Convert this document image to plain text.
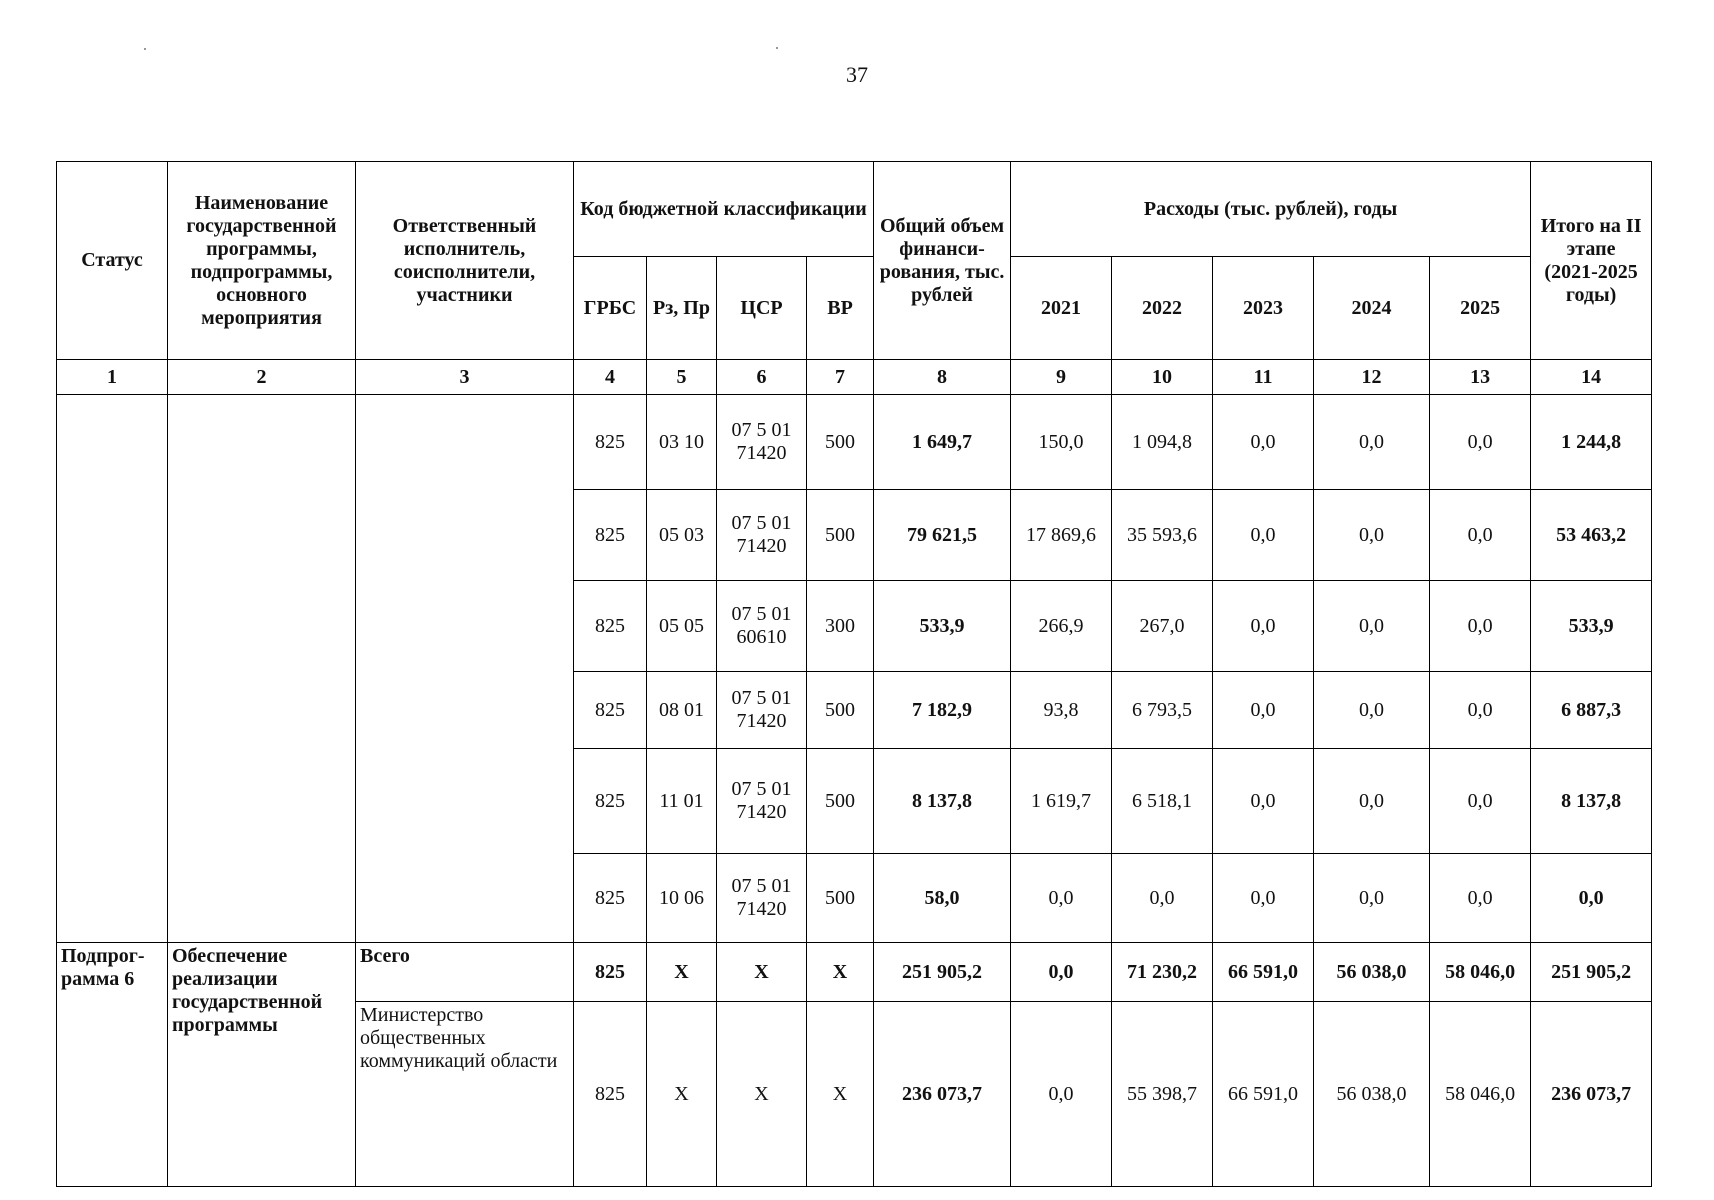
37
Статус	Наименование государственной программы, подпрограммы, основного мероприятия	Ответственный исполнитель, соисполнители, участники	Код бюджетной классификации				Общий объем финанси-рования, тыс. рублей	Расходы (тыс. рублей), годы					Итого на II этапе
(2021-2025 годы)
			ГРБС	Рз, Пр	ЦСР	ВР		2021	2022	2023	2024	2025	
1	2	3	4	5	6	7	8	9	10	11	12	13	14
			825	03 10	07 5 01 71420	500	1 649,7	150,0	1 094,8	0,0	0,0	0,0	1 244,8
			825	05 03	07 5 01 71420	500	79 621,5	17 869,6	35 593,6	0,0	0,0	0,0	53 463,2
			825	05 05	07 5 01 60610	300	533,9	266,9	267,0	0,0	0,0	0,0	533,9
			825	08 01	07 5 01 71420	500	7 182,9	93,8	6 793,5	0,0	0,0	0,0	6 887,3
			825	11 01	07 5 01 71420	500	8 137,8	1 619,7	6 518,1	0,0	0,0	0,0	8 137,8
			825	10 06	07 5 01 71420	500	58,0	0,0	0,0	0,0	0,0	0,0	0,0
Подпрог-рамма 6	Обеспечение реализации государственной программы	Всего	825	X	X	X	251 905,2	0,0	71 230,2	66 591,0	56 038,0	58 046,0	251 905,2
		Министерство общественных коммуникаций области	825	X	X	X	236 073,7	0,0	55 398,7	66 591,0	56 038,0	58 046,0	236 073,7
